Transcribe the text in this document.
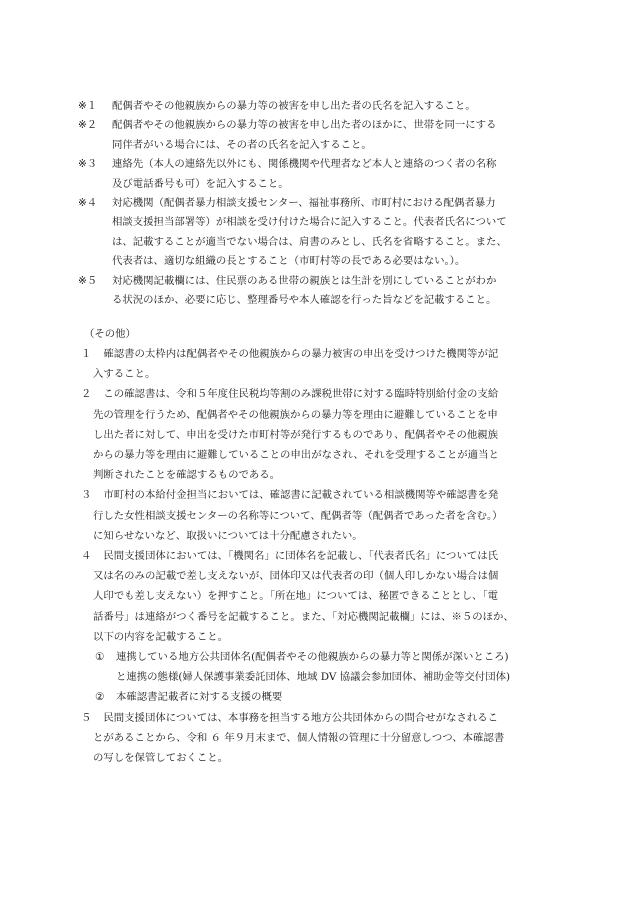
※１ 配偶者やその他親族からの暴力等の被害を申し出た者の氏名を記入すること。
※２ 配偶者やその他親族からの暴力等の被害を申し出た者のほかに、世帯を同一にする
同伴者がいる場合には、その者の氏名を記入すること。
※３ 連絡先（本人の連絡先以外にも、関係機関や代理者など本人と連絡のつく者の名称
及び電話番号も可）を記入すること。
※４ 対応機関（配偶者暴力相談支援センター、福祉事務所、市町村における配偶者暴力
相談支援担当部署等）が相談を受け付けた場合に記入すること。代表者氏名について
は、記載することが適当でない場合は、肩書のみとし、氏名を省略すること。また、
代表者は、適切な組織の長とすること（市町村等の長である必要はない。）。
※５ 対応機関記載欄には、住民票のある世帯の親族とは生計を別にしていることがわか
る状況のほか、必要に応じ、整理番号や本人確認を行った旨などを記載すること。
（その他）
１ 　確認書の太枠内は配偶者やその他親族からの暴力被害の申出を受けつけた機関等が記
入すること。
２ 　この確認書は、令和５年度住民税均等割のみ課税世帯に対する臨時特別給付金の支給
先の管理を行うため、配偶者やその他親族からの暴力等を理由に避難していることを申
し出た者に対して、申出を受けた市町村等が発行するものであり、配偶者やその他親族
からの暴力等を理由に避難していることの申出がなされ、それを受理することが適当と
判断されたことを確認するものである。
３ 　市町村の本給付金担当においては、確認書に記載されている相談機関等や確認書を発
行した女性相談支援センターの名称等について、配偶者等（配偶者であった者を含む。）
に知らせないなど、取扱いについては十分配慮されたい。
４ 　民間支援団体においては、「機関名」に団体名を記載し、「代表者氏名」については氏
又は名のみの記載で差し支えないが、団体印又は代表者の印（個人印しかない場合は個
人印でも差し支えない）を押すこと。「所在地」については、秘匿できることとし、「電
話番号」は連絡がつく番号を記載すること。また、「対応機関記載欄」には、※５のほか、
以下の内容を記載すること。
① 連携している地方公共団体名(配偶者やその他親族からの暴力等と関係が深いところ)
と連携の態様(婦人保護事業委託団体、地域 DV 協議会参加団体、補助金等交付団体)
② 本確認書記載者に対する支援の概要
５ 　民間支援団体については、本事務を担当する地方公共団体からの問合せがなされるこ
とがあることから、令和 ６ 年９月末まで、個人情報の管理に十分留意しつつ、本確認書
の写しを保管しておくこと。
